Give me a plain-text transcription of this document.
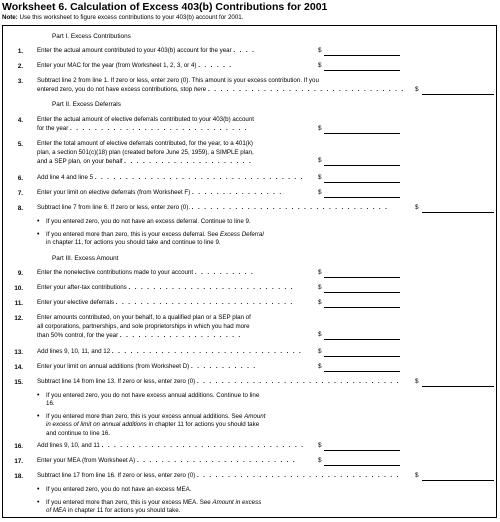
Worksheet 6. Calculation of Excess 403(b) Contributions for 2001
Note: Use this worksheet to figure excess contributions to your 403(b) account for 2001.
Part I. Excess Contributions
1. Enter the actual amount contributed to your 403(b) account for the year . . . .	$
2. Enter your MAC for the year (from Worksheet 1, 2, 3, or 4) . . . . . .	$
3. Subtract line 2 from line 1. If zero or less, enter zero (0). This amount is your excess contribution. If you
entered zero, you do not have excess contributions, stop here . . . . . . . . . . . . . . . . . . . . . . . . . . . . . . . . $
Part II. Excess Deferrals
4. Enter the actual amount of elective deferrals contributed to your 403(b) account
for the year . . . . . . . . . . . . . . . . . . . . . . . . . . . . .	$
5. Enter the total amount of elective deferrals contributed, for the year, to a 401(k)
plan, a section 501(c)(18) plan (created before June 25, 1959), a SIMPLE plan,
and a SEP plan, on your behalf . . . . . . . . . . . . . . . . . . . . .	$
6. Add line 4 and line 5 . . . . . . . . . . . . . . . . . . . . . . . . . . . . . . . . . . $
7. Enter your limit on elective deferrals (from Worksheet F) . . . . . . . . . . . . . . .	$
8. Subtract line 7 from line 6. If zero or less, enter zero (0). . . . . . . . . . . . . . . . . . . . . . . . . . . . . . . . .	$
• If you entered zero, you do not have an excess deferral. Continue to line 9.
• If you entered more than zero, this is your excess deferral. See Excess Deferral
in chapter 11, for actions you should take and continue to line 9.
Part III. Excess Amount
9. Enter the nonelective contributions made to your account . . . . . . . . . .	$
10. Enter your after-tax contributions . . . . . . . . . . . . . . . . . . . . . . . . . . .	$
11. Enter your elective deferrals . . . . . . . . . . . . . . . . . . . . . . . . . . . . .	$
12. Enter amounts contributed, on your behalf, to a qualified plan or a SEP plan of
all corporations, partnerships, and sole proprietorships in which you had more
than 50% control, for the year . . . . . . . . . . . . . . . . . . . .	$
13. Add lines 9, 10, 11, and 12 . . . . . . . . . . . . . . . . . . . . . . . . . . . . . . . $
14. Enter your limit on annual additions (from Worksheet D) . . . . . . . . . . .	$
15. Subtract line 14 from line 13. If zero or less, enter zero (0) . . . . . . . . . . . . . . . . . . . . . . . . . . . . . . . . . $
• If you entered zero, you do not have excess annual additions. Continue to line
16.
• If you entered more than zero, this is your excess annual additions. See Amount
in excess of limit on annual additions in chapter 11 for actions you should take
and continue to line 16.
16. Add lines 9, 10, and 11 . . . . . . . . . . . . . . . . . . . . . . . . . . . . . . . . . $
17. Enter your MEA (from Worksheet A) . . . . . . . . . . . . . . . . . . . . . . . . . .	$
18. Subtract line 17 from line 16. If zero or less, enter zero (0) . . . . . . . . . . . . . . . . . . . . . . . . . . . . . . . . . $
• If you entered zero, you do not have an excess MEA.
• If you entered more than zero, this is your excess MEA. See Amount in excess
of MEA in chapter 11 for actions you should take.
